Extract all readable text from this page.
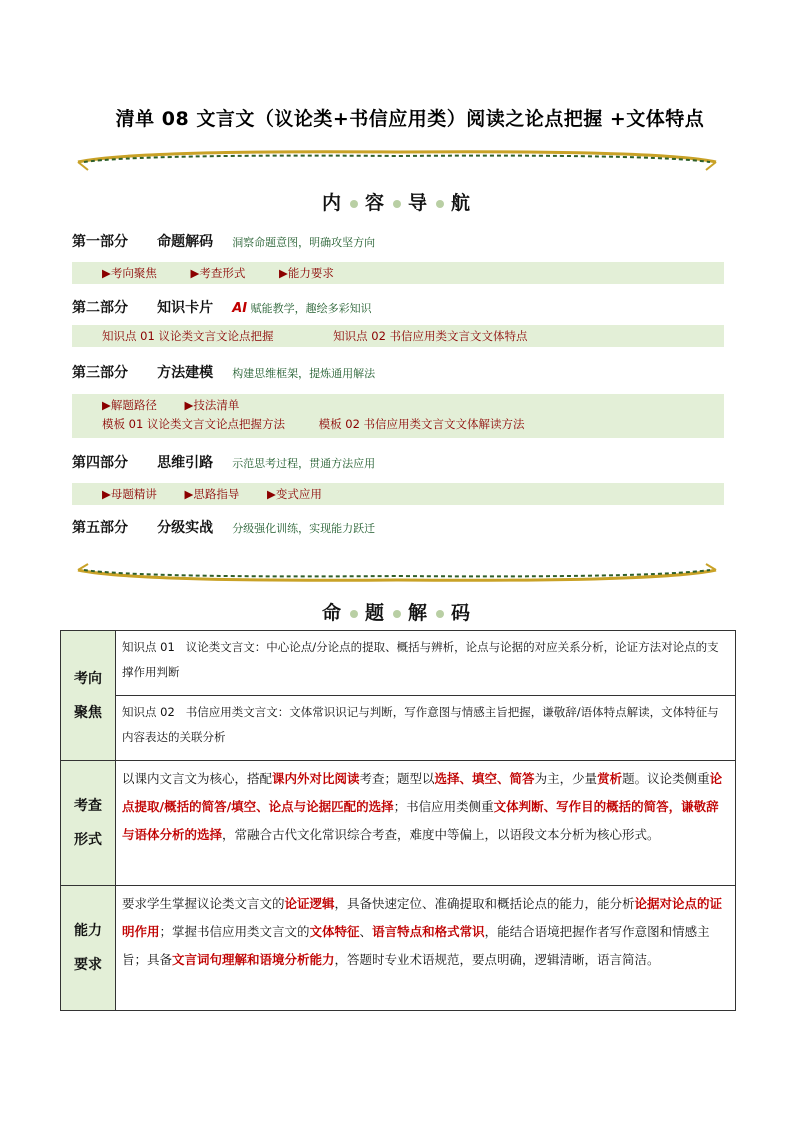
清单 08 文言文（议论类+书信应用类）阅读之论点把握 +文体特点
内 容 导 航
第一部分 命题解码 洞察命题意图，明确攻坚方向
▶考向聚焦	▶考查形式	▶能力要求
第二部分 知识卡片 AI 赋能教学，趣绘多彩知识
知识点 01 议论类文言文论点把握	知识点 02 书信应用类文言文文体特点
第三部分 方法建模 构建思维框架，提炼通用解法
▶解题路径 ▶技法清单
模板 01 议论类文言文论点把握方法	模板 02 书信应用类文言文文体解读方法
第四部分 思维引路 示范思考过程，贯通方法应用
▶母题精讲 ▶思路指导 ▶变式应用
第五部分 分级实战 分级强化训练，实现能力跃迁
命 题 解 码
考向
聚焦	知识点 01 议论类文言文：中心论点/分论点的提取、概括与辨析，论点与论据的对应关系分析，论证方法对论点的支撑作用判断
	知识点 02 书信应用类文言文：文体常识识记与判断，写作意图与情感主旨把握，谦敬辞/语体特点解读，文体特征与内容表达的关联分析

考查
形式	以课内文言文为核心，搭配课内外对比阅读考查；题型以选择、填空、简答为主，少量赏析题。议论类侧重论点提取/概括的简答/填空、论点与论据匹配的选择；书信应用类侧重文体判断、写作目的概括的简答，谦敬辞与语体分析的选择，常融合古代文化常识综合考查，难度中等偏上，以语段文本分析为核心形式。

能力
要求	要求学生掌握议论类文言文的论证逻辑，具备快速定位、准确提取和概括论点的能力，能分析论据对论点的证明作用；掌握书信应用类文言文的文体特征、语言特点和格式常识，能结合语境把握作者写作意图和情感主旨；具备文言词句理解和语境分析能力，答题时专业术语规范，要点明确，逻辑清晰，语言简洁。
